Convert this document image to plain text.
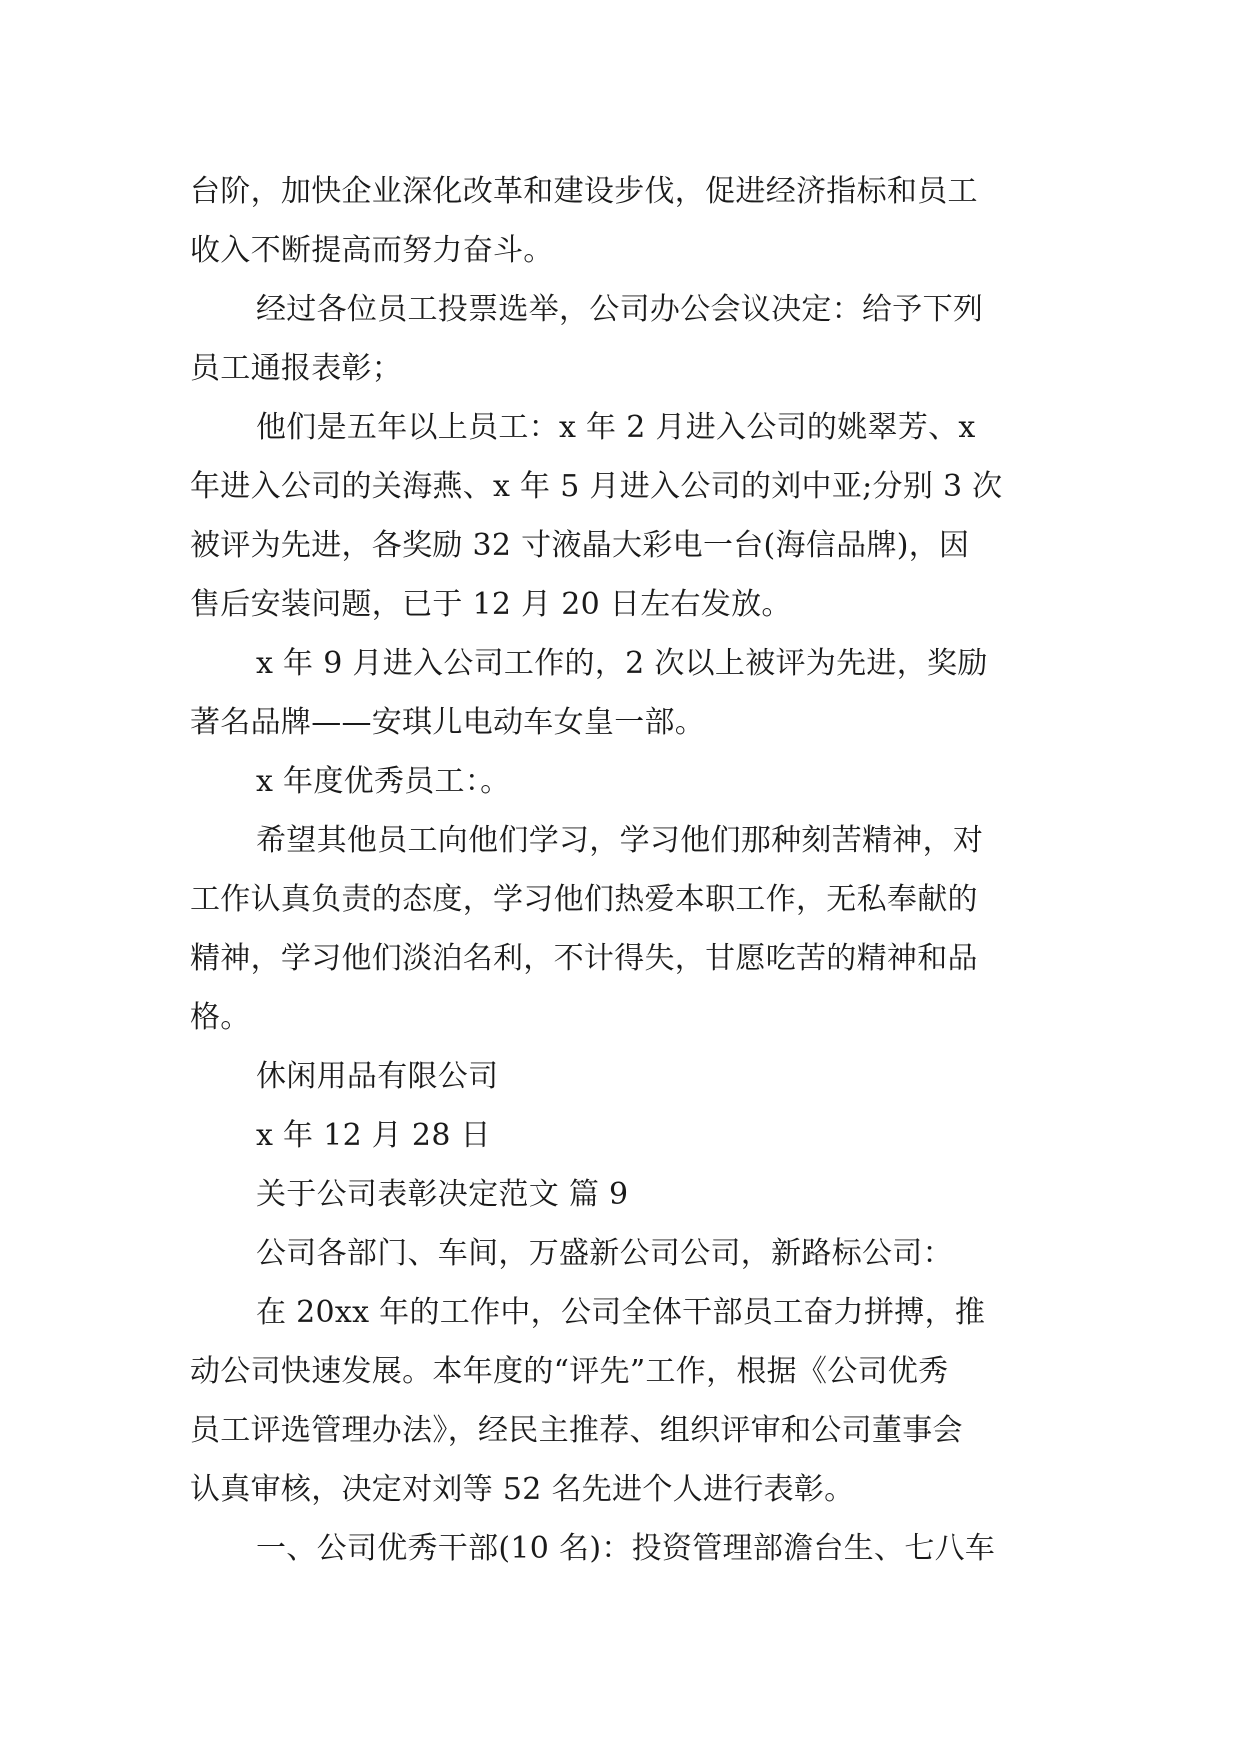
台阶，加快企业深化改革和建设步伐，促进经济指标和员工
收入不断提高而努力奋斗。
经过各位员工投票选举，公司办公会议决定：给予下列
员工通报表彰；
他们是五年以上员工：x 年 2 月进入公司的姚翠芳、x
年进入公司的关海燕、x 年 5 月进入公司的刘中亚;分别 3 次
被评为先进，各奖励 32 寸液晶大彩电一台(海信品牌)，因
售后安装问题，已于 12 月 20 日左右发放。
x 年 9 月进入公司工作的，2 次以上被评为先进，奖励
著名品牌——安琪儿电动车女皇一部。
x 年度优秀员工：。
希望其他员工向他们学习，学习他们那种刻苦精神，对
工作认真负责的态度，学习他们热爱本职工作，无私奉献的
精神，学习他们淡泊名利，不计得失，甘愿吃苦的精神和品
格。
休闲用品有限公司
x 年 12 月 28 日
关于公司表彰决定范文 篇 9
公司各部门、车间，万盛新公司公司，新路标公司：
在 20xx 年的工作中，公司全体干部员工奋力拼搏，推
动公司快速发展。本年度的“评先”工作，根据《公司优秀
员工评选管理办法》，经民主推荐、组织评审和公司董事会
认真审核，决定对刘等 52 名先进个人进行表彰。
一、公司优秀干部(10 名)：投资管理部澹台生、七八车
